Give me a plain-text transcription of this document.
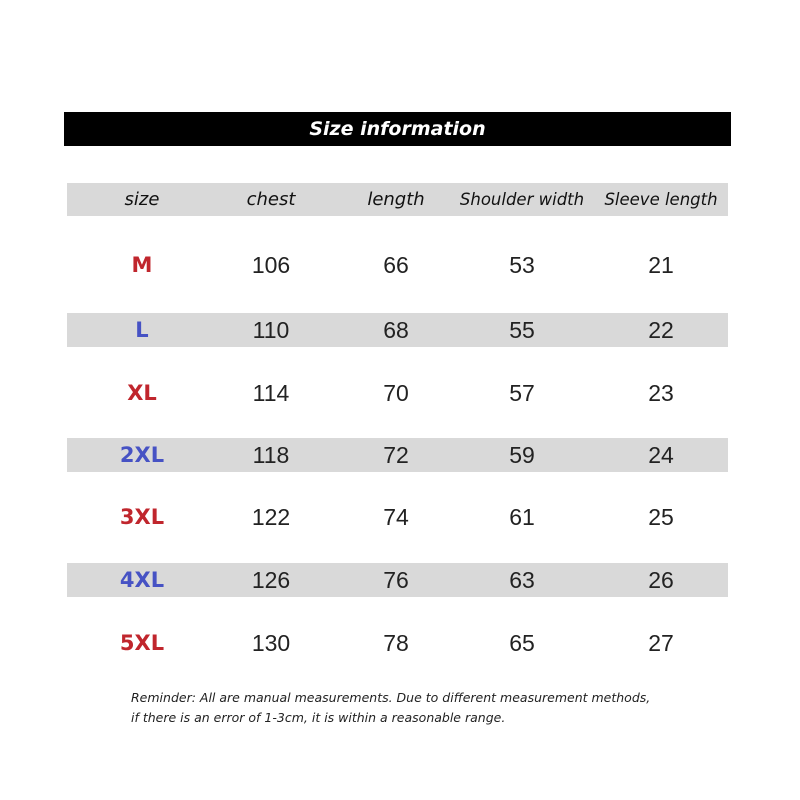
Size information
size	chest	length	Shoulder width	Sleeve length
M	106	66	53	21
L	110	68	55	22
XL	114	70	57	23
2XL	118	72	59	24
3XL	122	74	61	25
4XL	126	76	63	26
5XL	130	78	65	27
Reminder: All are manual measurements. Due to different measurement methods,
if there is an error of 1-3cm, it is within a reasonable range.
